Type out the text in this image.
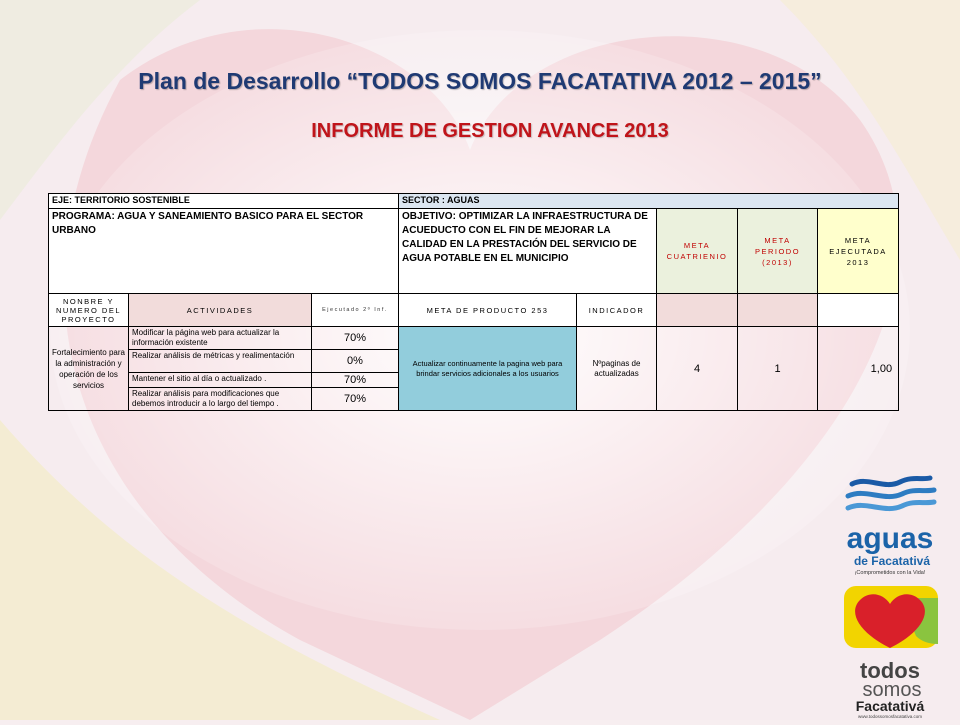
Plan de Desarrollo “TODOS SOMOS FACATATIVA 2012 – 2015”
INFORME DE GESTION AVANCE 2013
EJE: TERRITORIO SOSTENIBLE			SECTOR : AGUAS				
PROGRAMA: AGUA Y SANEAMIENTO BASICO PARA EL SECTOR URBANO			OBJETIVO: OPTIMIZAR LA INFRAESTRUCTURA DE ACUEDUCTO CON EL FIN DE MEJORAR LA CALIDAD EN LA PRESTACIÓN DEL SERVICIO DE AGUA POTABLE EN EL MUNICIPIO		META CUATRIENIO	META PERIODO (2013)	META EJECUTADA 2013
NONBRE Y NUMERO DEL PROYECTO	ACTIVIDADES	Ejecutado 2º Inf.	META DE PRODUCTO 253	INDICADOR			
Fortalecimiento para la administración y operación de los servicios	Modificar la página web para actualizar la información existente	70%	Actualizar continuamente la pagina web para brindar servicios adicionales a los usuarios	Nºpaginas de actualizadas	4	1	1,00
	Realizar análisis de métricas y realimentación	0%					
	Mantener el sitio al día o actualizado .	70%					
	Realizar análisis para modificaciones que debemos introducir a lo largo del tiempo .	70%					
aguas
de Facatativá
¡Comprometidos con la Vida!
todos
somos
Facatativá
www.todossomosfacatativa.com
